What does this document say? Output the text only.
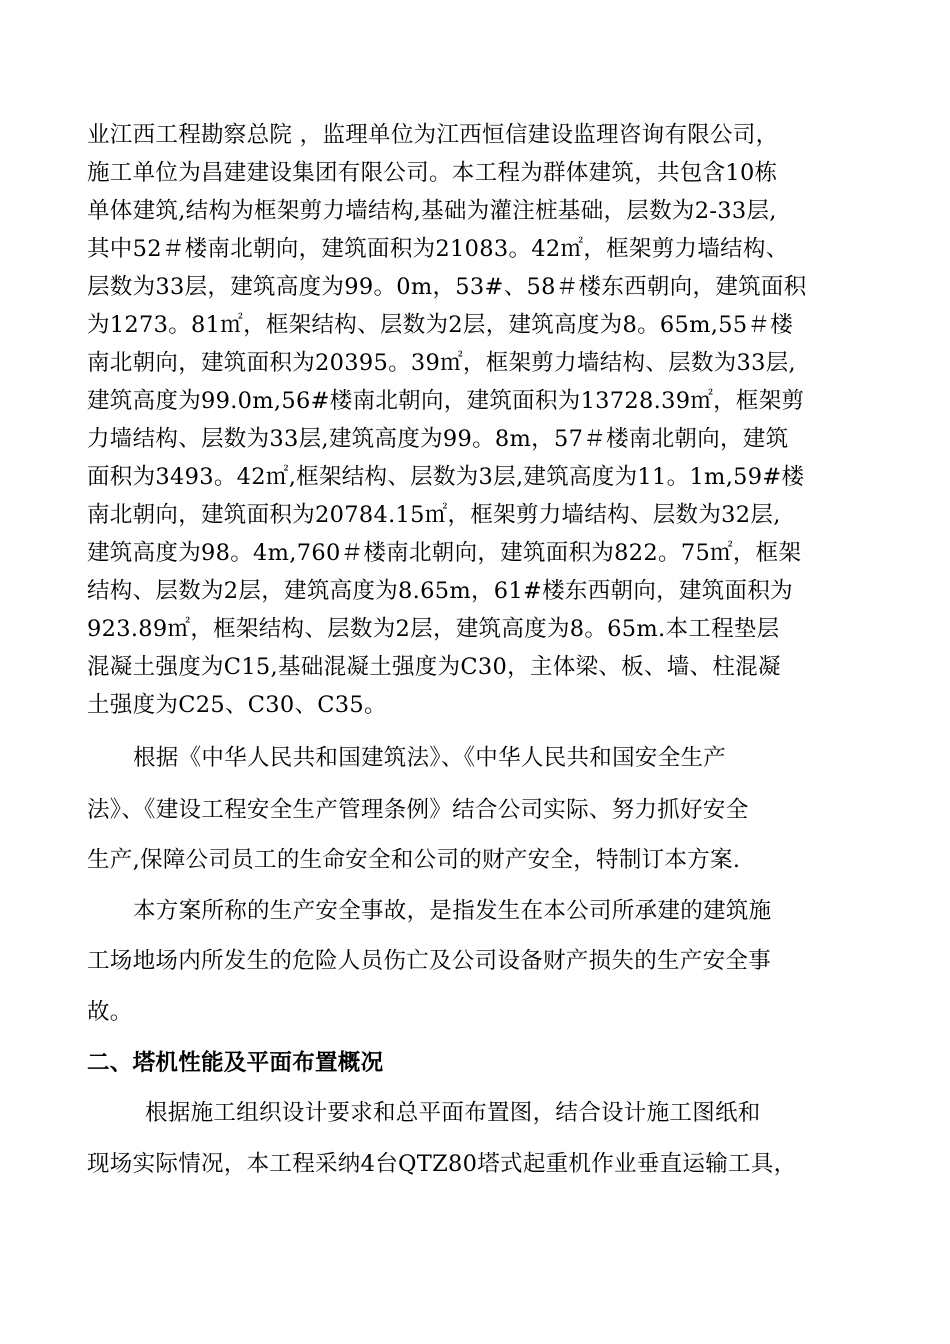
业江西工程勘察总院 ，监理单位为江西恒信建设监理咨询有限公司，
施工单位为昌建建设集团有限公司。本工程为群体建筑，共包含10栋
单体建筑,结构为框架剪力墙结构,基础为灌注桩基础，层数为2-33层,
其中52＃楼南北朝向，建筑面积为21083。42㎡，框架剪力墙结构、
层数为33层，建筑高度为99。0m，53#、58＃楼东西朝向，建筑面积
为1273。81㎡，框架结构、层数为2层，建筑高度为8。65m,55＃楼
南北朝向，建筑面积为20395。39㎡，框架剪力墙结构、层数为33层,
建筑高度为99.0m,56#楼南北朝向，建筑面积为13728.39㎡，框架剪
力墙结构、层数为33层,建筑高度为99。8m，57＃楼南北朝向，建筑
面积为3493。42㎡,框架结构、层数为3层,建筑高度为11。1m,59#楼
南北朝向，建筑面积为20784.15㎡，框架剪力墙结构、层数为32层,
建筑高度为98。4m,760＃楼南北朝向，建筑面积为822。75㎡，框架
结构、层数为2层，建筑高度为8.65m，61#楼东西朝向，建筑面积为
923.89㎡，框架结构、层数为2层，建筑高度为8。65m.本工程垫层
混凝土强度为C15,基础混凝土强度为C30，主体梁、板、墙、柱混凝
土强度为C25、C30、C35。
根据《中华人民共和国建筑法》、《中华人民共和国安全生产
法》、《建设工程安全生产管理条例》结合公司实际、努力抓好安全
生产,保障公司员工的生命安全和公司的财产安全，特制订本方案.
本方案所称的生产安全事故，是指发生在本公司所承建的建筑施
工场地场内所发生的危险人员伤亡及公司设备财产损失的生产安全事
故。
二、塔机性能及平面布置概况
根据施工组织设计要求和总平面布置图，结合设计施工图纸和
现场实际情况，本工程采纳4台QTZ80塔式起重机作业垂直运输工具，
